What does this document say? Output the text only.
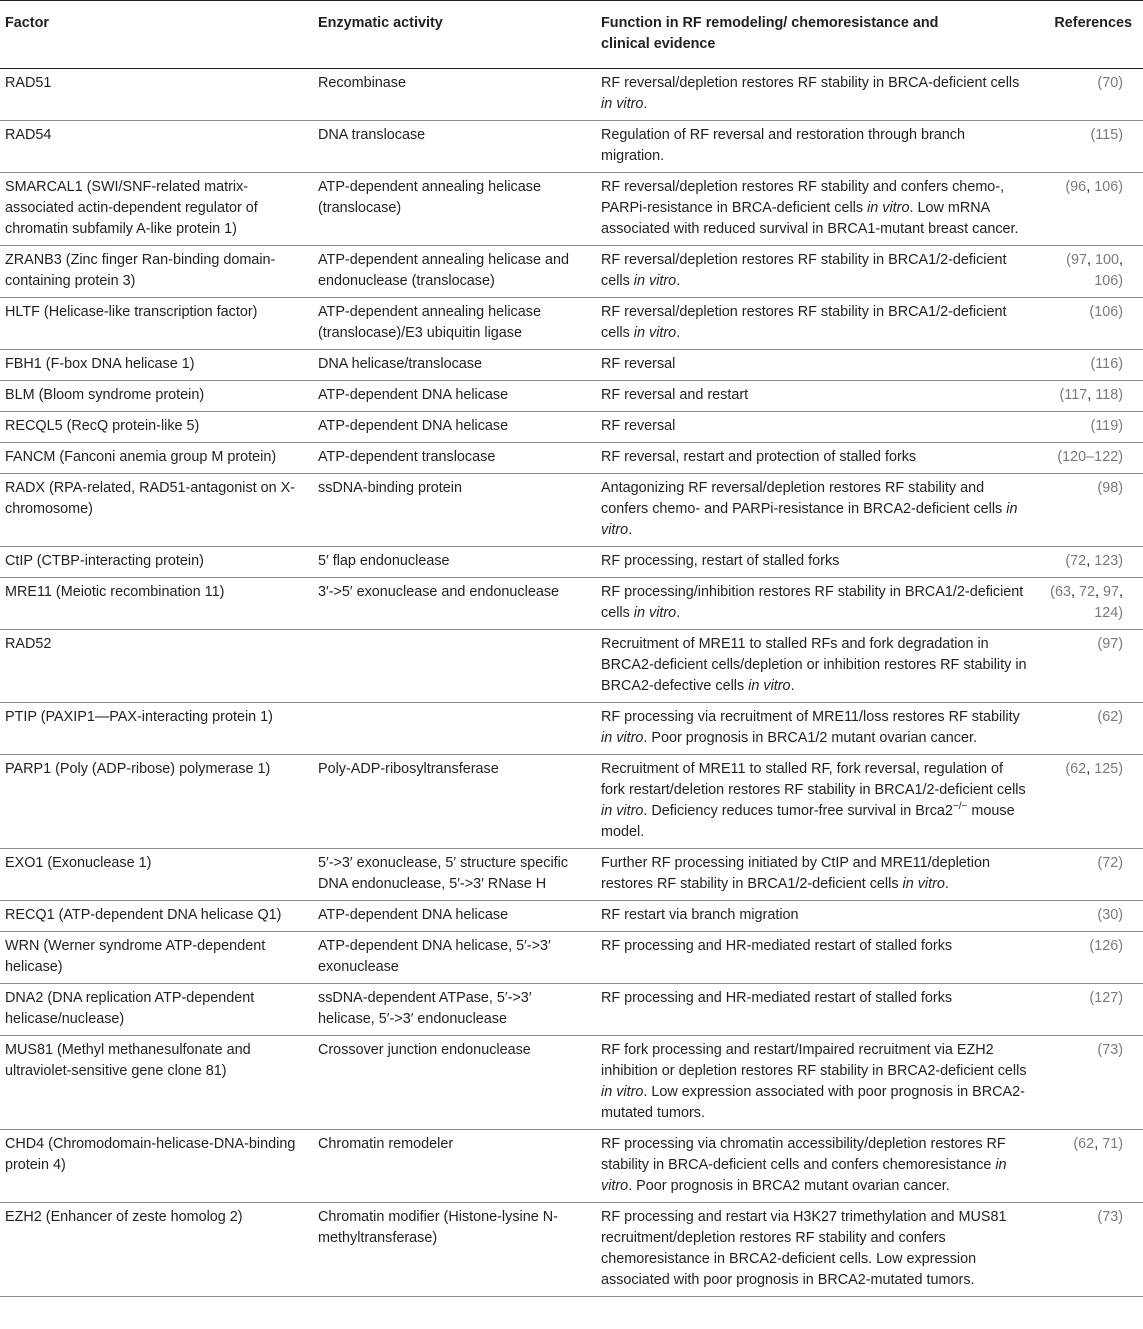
Factor	Enzymatic activity	Function in RF remodeling/ chemoresistance and clinical evidence	References
RAD51	Recombinase	RF reversal/depletion restores RF stability in BRCA-deficient cells in vitro.	(70)
RAD54	DNA translocase	Regulation of RF reversal and restoration through branch migration.	(115)
SMARCAL1 (SWI/SNF-related matrix-associated actin-dependent regulator of chromatin subfamily A-like protein 1)	ATP-dependent annealing helicase (translocase)	RF reversal/depletion restores RF stability and confers chemo-, PARPi-resistance in BRCA-deficient cells in vitro. Low mRNA associated with reduced survival in BRCA1-mutant breast cancer.	(96, 106)
ZRANB3 (Zinc finger Ran-binding domain-containing protein 3)	ATP-dependent annealing helicase and endonuclease (translocase)	RF reversal/depletion restores RF stability in BRCA1/2-deficient cells in vitro.	(97, 100, 106)
HLTF (Helicase-like transcription factor)	ATP-dependent annealing helicase (translocase)/E3 ubiquitin ligase	RF reversal/depletion restores RF stability in BRCA1/2-deficient cells in vitro.	(106)
FBH1 (F-box DNA helicase 1)	DNA helicase/translocase	RF reversal	(116)
BLM (Bloom syndrome protein)	ATP-dependent DNA helicase	RF reversal and restart	(117, 118)
RECQL5 (RecQ protein-like 5)	ATP-dependent DNA helicase	RF reversal	(119)
FANCM (Fanconi anemia group M protein)	ATP-dependent translocase	RF reversal, restart and protection of stalled forks	(120–122)
RADX (RPA-related, RAD51-antagonist on X-chromosome)	ssDNA-binding protein	Antagonizing RF reversal/depletion restores RF stability and confers chemo- and PARPi-resistance in BRCA2-deficient cells in vitro.	(98)
CtIP (CTBP-interacting protein)	5′ flap endonuclease	RF processing, restart of stalled forks	(72, 123)
MRE11 (Meiotic recombination 11)	3′->5′ exonuclease and endonuclease	RF processing/inhibition restores RF stability in BRCA1/2-deficient cells in vitro.	(63, 72, 97, 124)
RAD52		Recruitment of MRE11 to stalled RFs and fork degradation in BRCA2-deficient cells/depletion or inhibition restores RF stability in BRCA2-defective cells in vitro.	(97)
PTIP (PAXIP1—PAX-interacting protein 1)		RF processing via recruitment of MRE11/loss restores RF stability in vitro. Poor prognosis in BRCA1/2 mutant ovarian cancer.	(62)
PARP1 (Poly (ADP-ribose) polymerase 1)	Poly-ADP-ribosyltransferase	Recruitment of MRE11 to stalled RF, fork reversal, regulation of fork restart/deletion restores RF stability in BRCA1/2-deficient cells in vitro. Deficiency reduces tumor-free survival in Brca2−/− mouse model.	(62, 125)
EXO1 (Exonuclease 1)	5′->3′ exonuclease, 5′ structure specific DNA endonuclease, 5′->3′ RNase H	Further RF processing initiated by CtIP and MRE11/depletion restores RF stability in BRCA1/2-deficient cells in vitro.	(72)
RECQ1 (ATP-dependent DNA helicase Q1)	ATP-dependent DNA helicase	RF restart via branch migration	(30)
WRN (Werner syndrome ATP-dependent helicase)	ATP-dependent DNA helicase, 5′->3′ exonuclease	RF processing and HR-mediated restart of stalled forks	(126)
DNA2 (DNA replication ATP-dependent helicase/nuclease)	ssDNA-dependent ATPase, 5′->3′ helicase, 5′->3′ endonuclease	RF processing and HR-mediated restart of stalled forks	(127)
MUS81 (Methyl methanesulfonate and ultraviolet-sensitive gene clone 81)	Crossover junction endonuclease	RF fork processing and restart/Impaired recruitment via EZH2 inhibition or depletion restores RF stability in BRCA2-deficient cells in vitro. Low expression associated with poor prognosis in BRCA2-mutated tumors.	(73)
CHD4 (Chromodomain-helicase-DNA-binding protein 4)	Chromatin remodeler	RF processing via chromatin accessibility/depletion restores RF stability in BRCA-deficient cells and confers chemoresistance in vitro. Poor prognosis in BRCA2 mutant ovarian cancer.	(62, 71)
EZH2 (Enhancer of zeste homolog 2)	Chromatin modifier (Histone-lysine N-methyltransferase)	RF processing and restart via H3K27 trimethylation and MUS81 recruitment/depletion restores RF stability and confers chemoresistance in BRCA2-deficient cells. Low expression associated with poor prognosis in BRCA2-mutated tumors.	(73)
